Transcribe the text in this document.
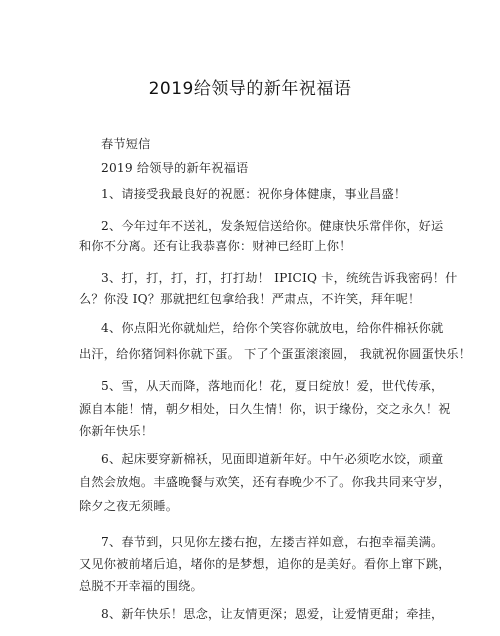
2019给领导的新年祝福语
春节短信
2019 给领导的新年祝福语
1、请接受我最良好的祝愿：祝你身体健康，事业昌盛！
2、今年过年不送礼，发条短信送给你。健康快乐常伴你，好运
和你不分离。还有让我恭喜你：财神已经盯上你！
3、打，打，打，打，打打劫！ IPICIQ 卡，统统告诉我密码！什
么？你没 IQ？那就把红包拿给我！严肃点，不许笑，拜年呢！
4、你点阳光你就灿烂，给你个笑容你就放电，给你件棉袄你就
出汗，给你猪饲料你就下蛋。 下了个蛋蛋滚滚圆， 我就祝你圆蛋快乐！
5、雪，从天而降，落地而化！花，夏日绽放！爱，世代传承，
源自本能！情，朝夕相处，日久生情！你，识于缘份，交之永久！祝
你新年快乐！
6、起床要穿新棉袄，见面即道新年好。中午必须吃水饺，顽童
自然会放炮。丰盛晚餐与欢笑，还有春晚少不了。你我共同来守岁，
除夕之夜无须睡。
7、春节到，只见你左搂右抱，左搂吉祥如意，右抱幸福美满。
又见你被前堵后追，堵你的是梦想，追你的是美好。看你上窜下跳，
总脱不开幸福的围绕。
8、新年快乐！思念，让友情更深；恩爱，让爱情更甜；牵挂，
